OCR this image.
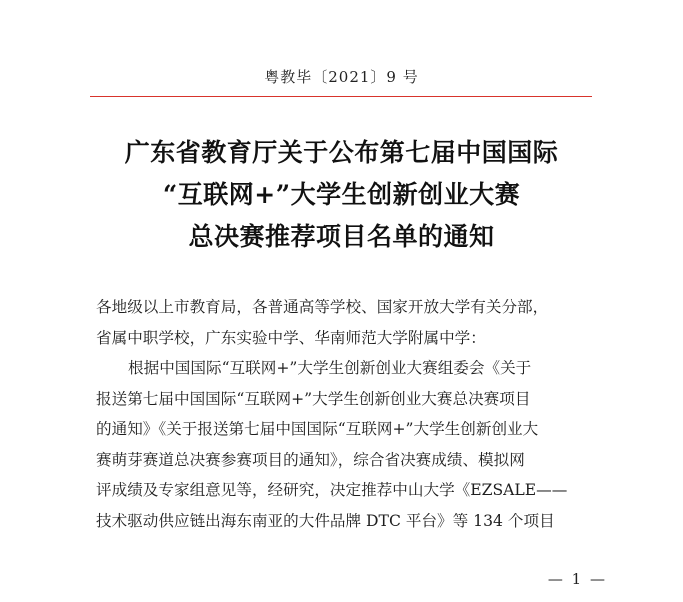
粤教毕〔2021〕9 号
广东省教育厅关于公布第七届中国国际
“互联网+”大学生创新创业大赛
总决赛推荐项目名单的通知

各地级以上市教育局，各普通高等学校、国家开放大学有关分部，
省属中职学校，广东实验中学、华南师范大学附属中学：

根据中国国际“互联网+”大学生创新创业大赛组委会《关于
报送第七届中国国际“互联网+”大学生创新创业大赛总决赛项目
的通知》《关于报送第七届中国国际“互联网+”大学生创新创业大
赛萌芽赛道总决赛参赛项目的通知》，综合省决赛成绩、模拟网
评成绩及专家组意见等，经研究，决定推荐中山大学《EZSALE——
技术驱动供应链出海东南亚的大件品牌 DTC 平台》等 134 个项目

— 1 —
